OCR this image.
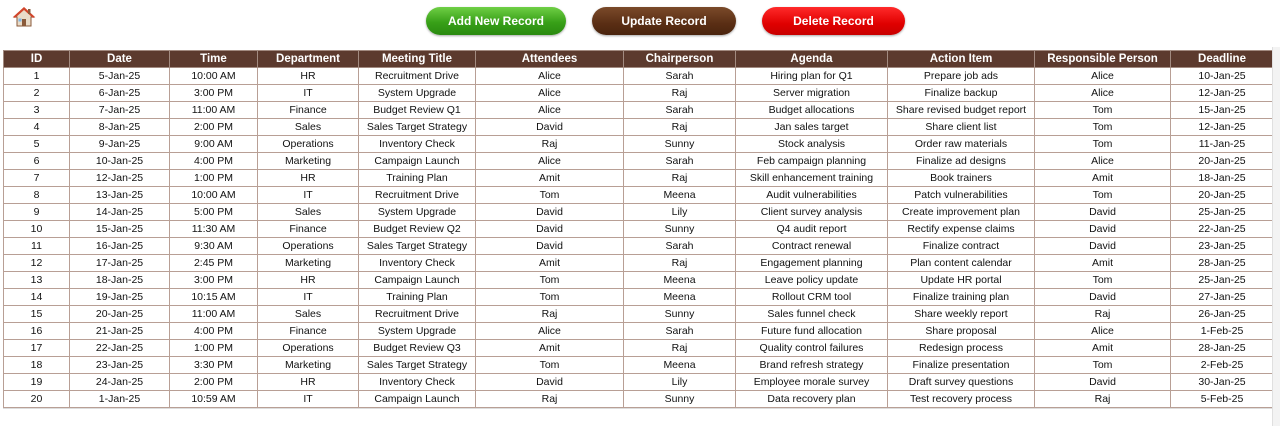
Add New Record	Update Record	Delete Record
ID	Date	Time	Department	Meeting Title	Attendees	Chairperson	Agenda	Action Item	Responsible Person	Deadline
1	5-Jan-25	10:00 AM	HR	Recruitment Drive	Alice	Sarah	Hiring plan for Q1	Prepare job ads	Alice	10-Jan-25
2	6-Jan-25	3:00 PM	IT	System Upgrade	Alice	Raj	Server migration	Finalize backup	Alice	12-Jan-25
3	7-Jan-25	11:00 AM	Finance	Budget Review Q1	Alice	Sarah	Budget allocations	Share revised budget report	Tom	15-Jan-25
4	8-Jan-25	2:00 PM	Sales	Sales Target Strategy	David	Raj	Jan sales target	Share client list	Tom	12-Jan-25
5	9-Jan-25	9:00 AM	Operations	Inventory Check	Raj	Sunny	Stock analysis	Order raw materials	Tom	11-Jan-25
6	10-Jan-25	4:00 PM	Marketing	Campaign Launch	Alice	Sarah	Feb campaign planning	Finalize ad designs	Alice	20-Jan-25
7	12-Jan-25	1:00 PM	HR	Training Plan	Amit	Raj	Skill enhancement training	Book trainers	Amit	18-Jan-25
8	13-Jan-25	10:00 AM	IT	Recruitment Drive	Tom	Meena	Audit vulnerabilities	Patch vulnerabilities	Tom	20-Jan-25
9	14-Jan-25	5:00 PM	Sales	System Upgrade	David	Lily	Client survey analysis	Create improvement plan	David	25-Jan-25
10	15-Jan-25	11:30 AM	Finance	Budget Review Q2	David	Sunny	Q4 audit report	Rectify expense claims	David	22-Jan-25
11	16-Jan-25	9:30 AM	Operations	Sales Target Strategy	David	Sarah	Contract renewal	Finalize contract	David	23-Jan-25
12	17-Jan-25	2:45 PM	Marketing	Inventory Check	Amit	Raj	Engagement planning	Plan content calendar	Amit	28-Jan-25
13	18-Jan-25	3:00 PM	HR	Campaign Launch	Tom	Meena	Leave policy update	Update HR portal	Tom	25-Jan-25
14	19-Jan-25	10:15 AM	IT	Training Plan	Tom	Meena	Rollout CRM tool	Finalize training plan	David	27-Jan-25
15	20-Jan-25	11:00 AM	Sales	Recruitment Drive	Raj	Sunny	Sales funnel check	Share weekly report	Raj	26-Jan-25
16	21-Jan-25	4:00 PM	Finance	System Upgrade	Alice	Sarah	Future fund allocation	Share proposal	Alice	1-Feb-25
17	22-Jan-25	1:00 PM	Operations	Budget Review Q3	Amit	Raj	Quality control failures	Redesign process	Amit	28-Jan-25
18	23-Jan-25	3:30 PM	Marketing	Sales Target Strategy	Tom	Meena	Brand refresh strategy	Finalize presentation	Tom	2-Feb-25
19	24-Jan-25	2:00 PM	HR	Inventory Check	David	Lily	Employee morale survey	Draft survey questions	David	30-Jan-25
20	1-Jan-25	10:59 AM	IT	Campaign Launch	Raj	Sunny	Data recovery plan	Test recovery process	Raj	5-Feb-25
